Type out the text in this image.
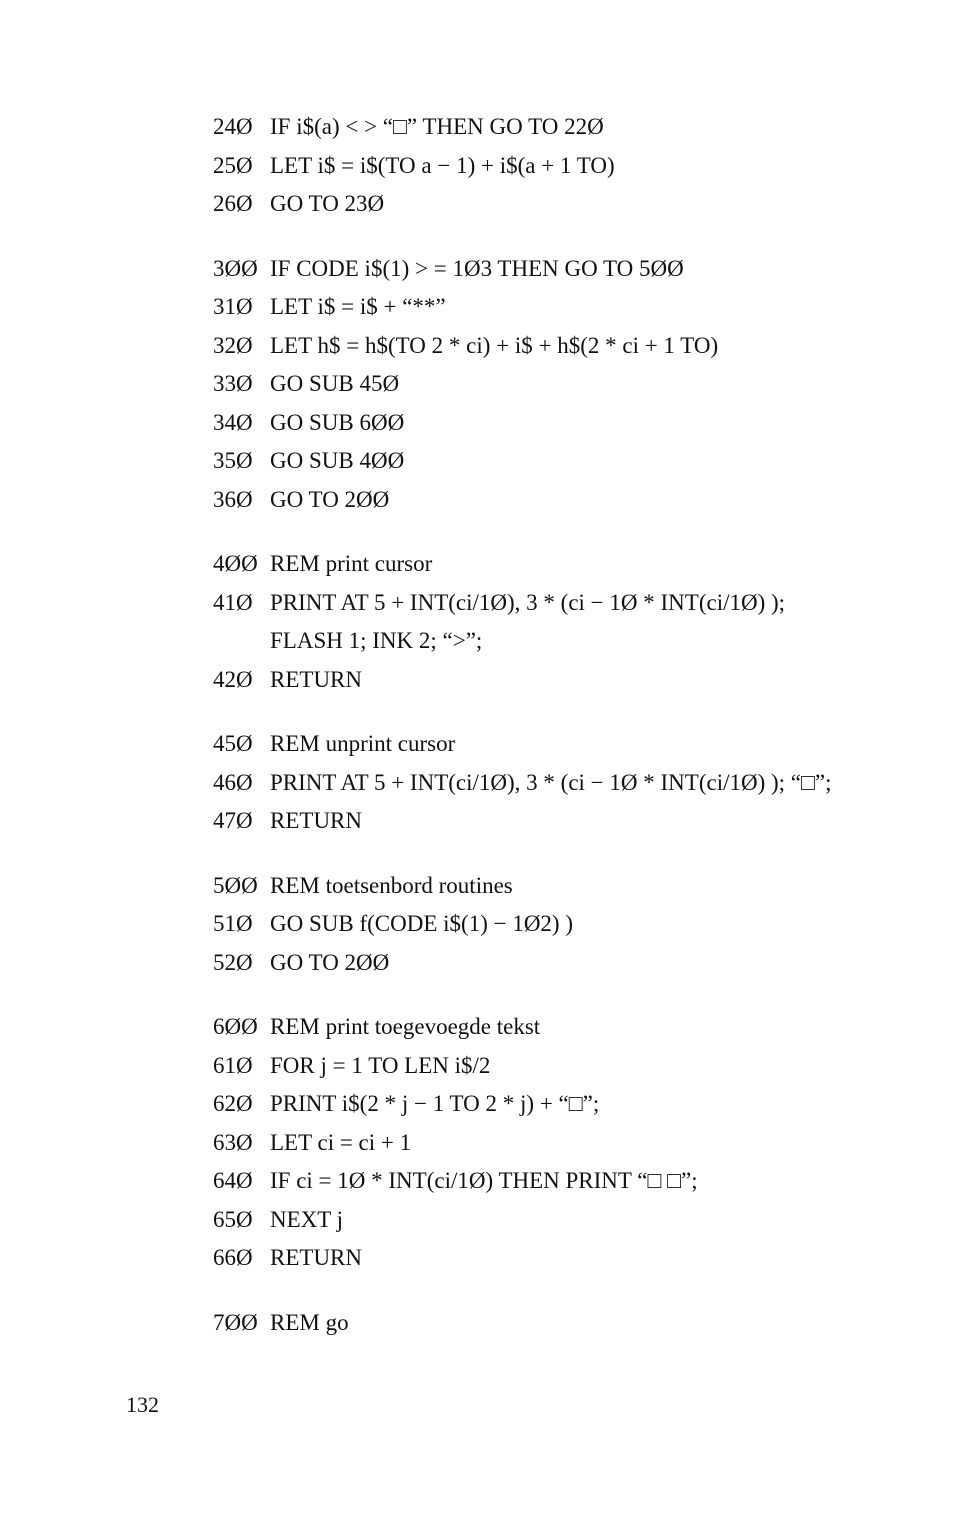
24Ø IF i$(a) < > “□” THEN GO TO 22Ø
25Ø LET i$ = i$(TO a − 1) + i$(a + 1 TO)
26Ø GO TO 23Ø
3ØØ IF CODE i$(1) > = 1Ø3 THEN GO TO 5ØØ
31Ø LET i$ = i$ + “**”
32Ø LET h$ = h$(TO 2 * ci) + i$ + h$(2 * ci + 1 TO)
33Ø GO SUB 45Ø
34Ø GO SUB 6ØØ
35Ø GO SUB 4ØØ
36Ø GO TO 2ØØ
4ØØ REM print cursor
41Ø PRINT AT 5 + INT(ci/1Ø), 3 * (ci − 1Ø * INT(ci/1Ø) );
FLASH 1; INK 2; “>”;
42Ø RETURN
45Ø REM unprint cursor
46Ø PRINT AT 5 + INT(ci/1Ø), 3 * (ci − 1Ø * INT(ci/1Ø) ); “□”;
47Ø RETURN
5ØØ REM toetsenbord routines
51Ø GO SUB f(CODE i$(1) − 1Ø2) )
52Ø GO TO 2ØØ
6ØØ REM print toegevoegde tekst
61Ø FOR j = 1 TO LEN i$/2
62Ø PRINT i$(2 * j − 1 TO 2 * j) + “□”;
63Ø LET ci = ci + 1
64Ø IF ci = 1Ø * INT(ci/1Ø) THEN PRINT “□ □”;
65Ø NEXT j
66Ø RETURN
7ØØ REM go
132
